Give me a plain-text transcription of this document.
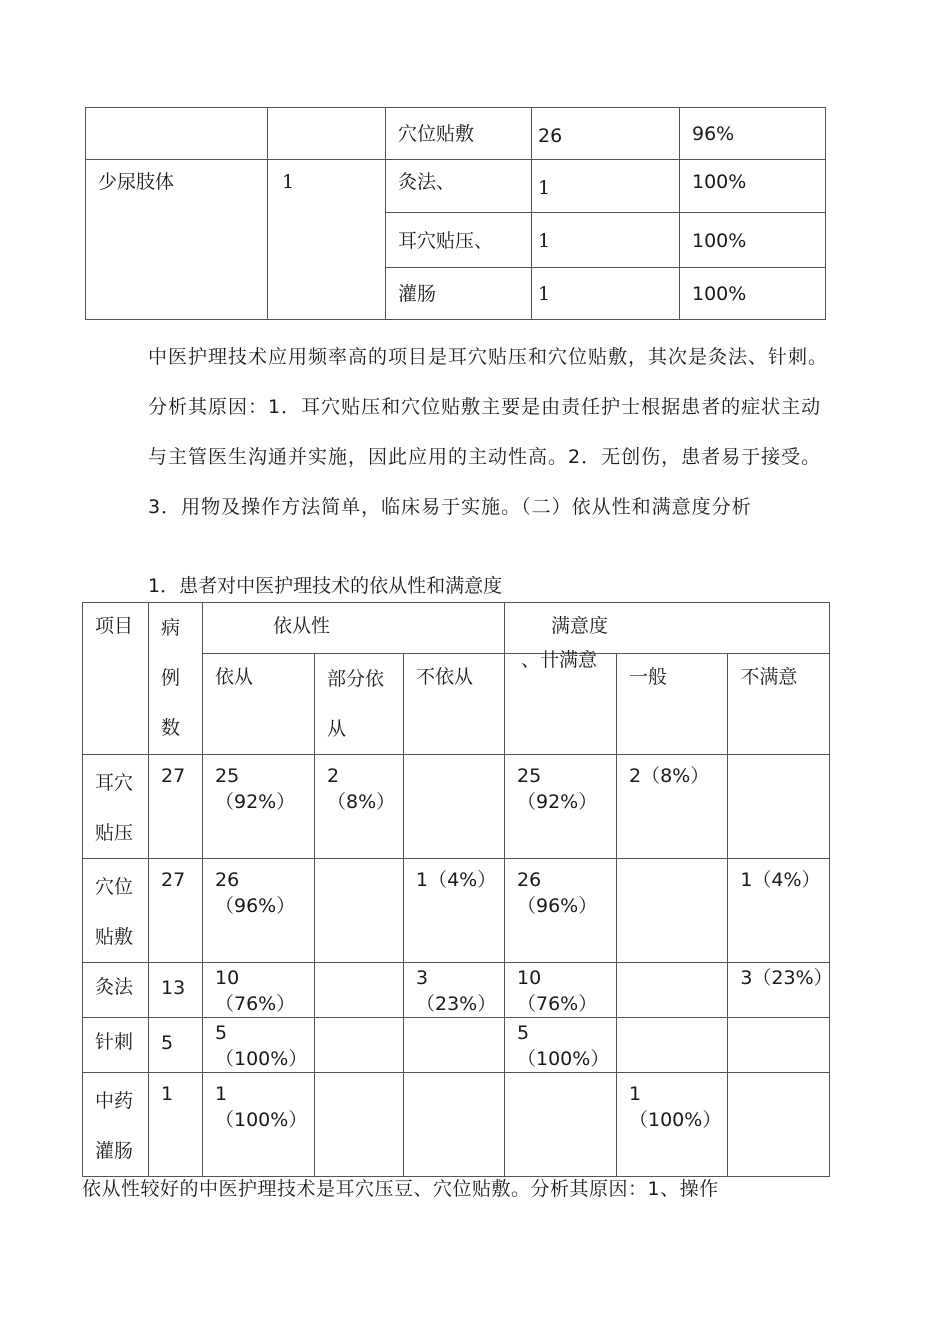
		穴位贴敷	26	96%
少尿肢体	1	灸法、	1	100%
		耳穴贴压、	1	100%
		灌肠	1	100%

中医护理技术应用频率高的项目是耳穴贴压和穴位贴敷，其次是灸法、针刺。分析其原因：1．耳穴贴压和穴位贴敷主要是由责任护士根据患者的症状主动与主管医生沟通并实施，因此应用的主动性高。2．无创伤，患者易于接受。3．用物及操作方法简单，临床易于实施。（二）依从性和满意度分析

1．患者对中医护理技术的依从性和满意度

项目	病例数	依从性			满意度		
		依从	部分依从	不依从	、卄满意	一般	不满意
耳穴贴压	27	25（92%）	2（8%）		25（92%）	2（8%）	
穴位贴敷	27	26（96%）		1（4%）	26（96%）		1（4%）
灸法	13	10（76%）		3（23%）	10（76%）		3（23%）
针刺	5	5（100%）			5（100%）		
中药灌肠	1	1（100%）				1（100%）	

依从性较好的中医护理技术是耳穴压豆、穴位贴敷。分析其原因：1、操作
